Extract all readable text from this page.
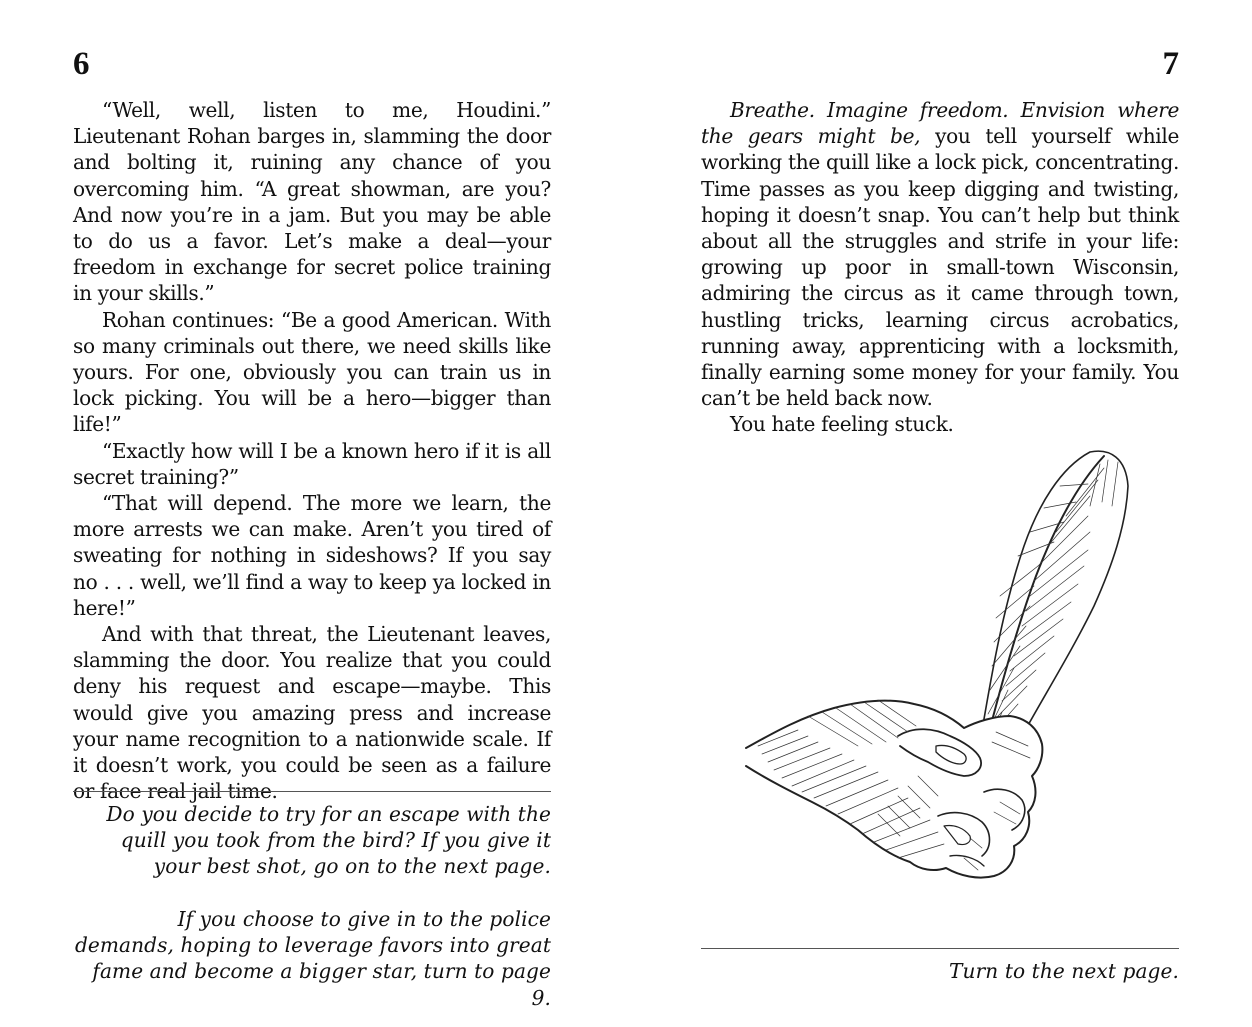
6

“Well, well, listen to me, Houdini.” Lieutenant Rohan barges in, slamming the door and bolting it, ruining any chance of you overcoming him. “A great showman, are you? And now you’re in a jam. But you may be able to do us a favor. Let’s make a deal—your freedom in exchange for secret police training in your skills.”

Rohan continues: “Be a good American. With so many criminals out there, we need skills like yours. For one, obviously you can train us in lock picking. You will be a hero—bigger than life!”

“Exactly how will I be a known hero if it is all secret training?”

“That will depend. The more we learn, the more arrests we can make. Aren’t you tired of sweating for nothing in sideshows? If you say no . . . well, we’ll find a way to keep ya locked in here!”

And with that threat, the Lieutenant leaves, slamming the door. You realize that you could deny his request and escape—maybe. This would give you amazing press and increase your name recognition to a nationwide scale. If it doesn’t work, you could be seen as a failure or face real jail time.

Do you decide to try for an escape with the quill you took from the bird? If you give it your best shot, go on to the next page.

If you choose to give in to the police demands, hoping to leverage favors into great fame and become a bigger star, turn to page 9.

7

Breathe. Imagine freedom. Envision where the gears might be, you tell yourself while working the quill like a lock pick, concentrating. Time passes as you keep digging and twisting, hoping it doesn’t snap. You can’t help but think about all the struggles and strife in your life: growing up poor in small-town Wisconsin, admiring the circus as it came through town, hustling tricks, learning circus acrobatics, running away, apprenticing with a locksmith, finally earning some money for your family. You can’t be held back now.

You hate feeling stuck.

Turn to the next page.
